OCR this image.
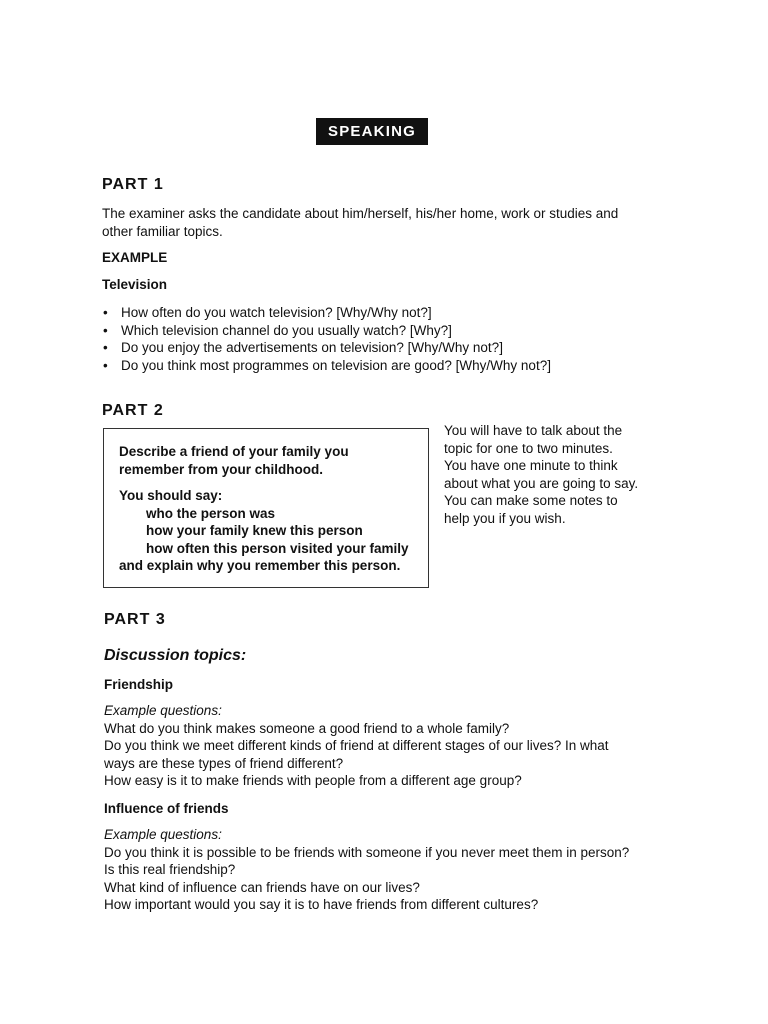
SPEAKING
PART 1
The examiner asks the candidate about him/herself, his/her home, work or studies and
other familiar topics.
EXAMPLE
Television
• How often do you watch television? [Why/Why not?]
• Which television channel do you usually watch? [Why?]
• Do you enjoy the advertisements on television? [Why/Why not?]
• Do you think most programmes on television are good? [Why/Why not?]
PART 2
Describe a friend of your family you
remember from your childhood.
You should say:
who the person was
how your family knew this person
how often this person visited your family
and explain why you remember this person.
You will have to talk about the
topic for one to two minutes.
You have one minute to think
about what you are going to say.
You can make some notes to
help you if you wish.
PART 3
Discussion topics:
Friendship
Example questions:
What do you think makes someone a good friend to a whole family?
Do you think we meet different kinds of friend at different stages of our lives? In what
ways are these types of friend different?
How easy is it to make friends with people from a different age group?
Influence of friends
Example questions:
Do you think it is possible to be friends with someone if you never meet them in person?
Is this real friendship?
What kind of influence can friends have on our lives?
How important would you say it is to have friends from different cultures?
